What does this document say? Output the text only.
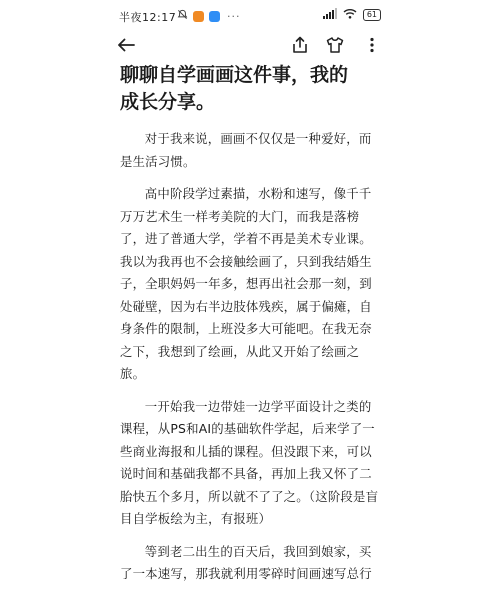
半夜12:17	···	61
聊聊自学画画这件事，我的
成长分享。

对于我来说，画画不仅仅是一种爱好，而是生活习惯。

高中阶段学过素描，水粉和速写，像千千万万艺术生一样考美院的大门，而我是落榜了，进了普通大学，学着不再是美术专业课。我以为我再也不会接触绘画了，只到我结婚生子，全职妈妈一年多，想再出社会那一刻，到处碰壁，因为右半边肢体残疾，属于偏瘫，自身条件的限制，上班没多大可能吧。在我无奈之下，我想到了绘画，从此又开始了绘画之旅。

一开始我一边带娃一边学平面设计之类的课程，从PS和AI的基础软件学起，后来学了一些商业海报和儿插的课程。但没跟下来，可以说时间和基础我都不具备，再加上我又怀了二胎快五个多月，所以就不了了之。（这阶段是盲目自学板绘为主，有报班）

等到老二出生的百天后，我回到娘家，买了一本速写，那我就利用零碎时间画速写总行
